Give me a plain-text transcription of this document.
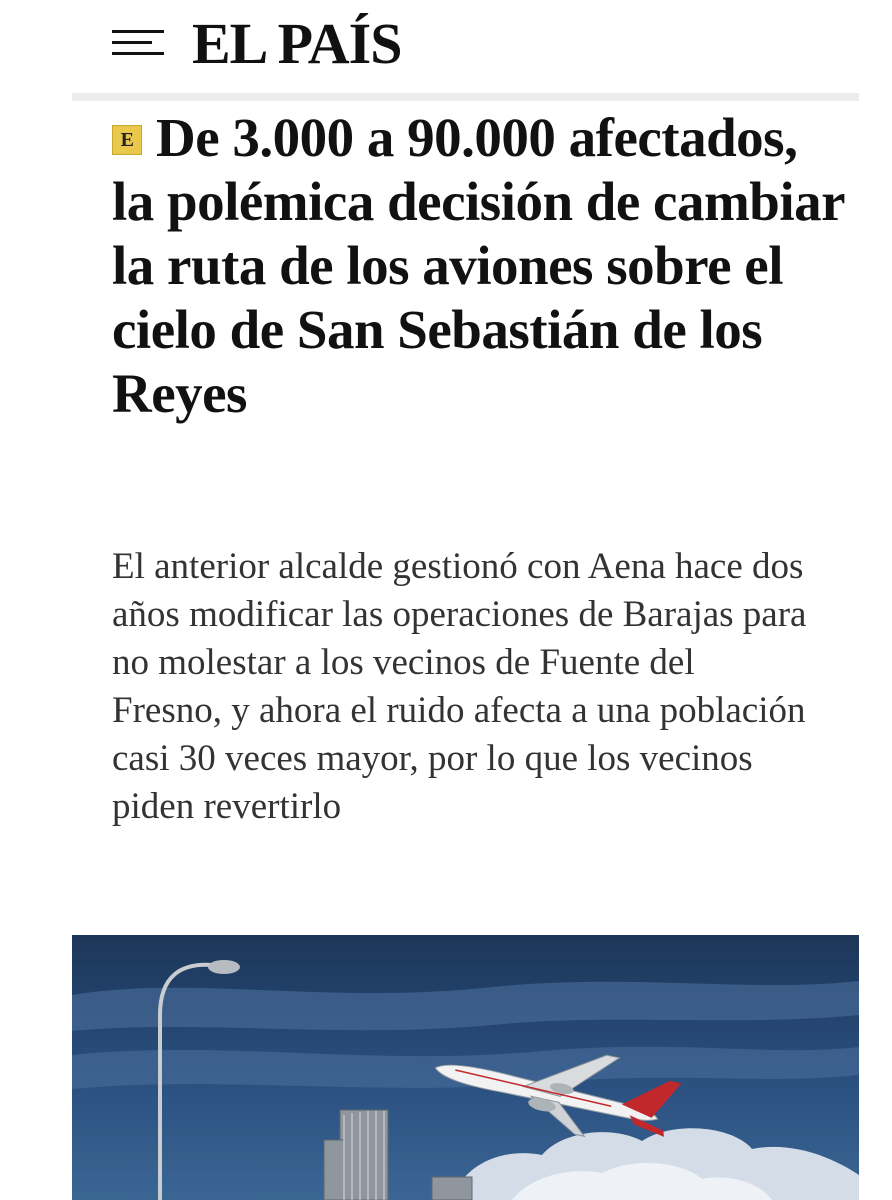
EL PAÍS
E De 3.000 a 90.000 afectados, la polémica decisión de cambiar la ruta de los aviones sobre el cielo de San Sebastián de los Reyes
El anterior alcalde gestionó con Aena hace dos años modificar las operaciones de Barajas para no molestar a los vecinos de Fuente del Fresno, y ahora el ruido afecta a una población casi 30 veces mayor, por lo que los vecinos piden revertirlo
